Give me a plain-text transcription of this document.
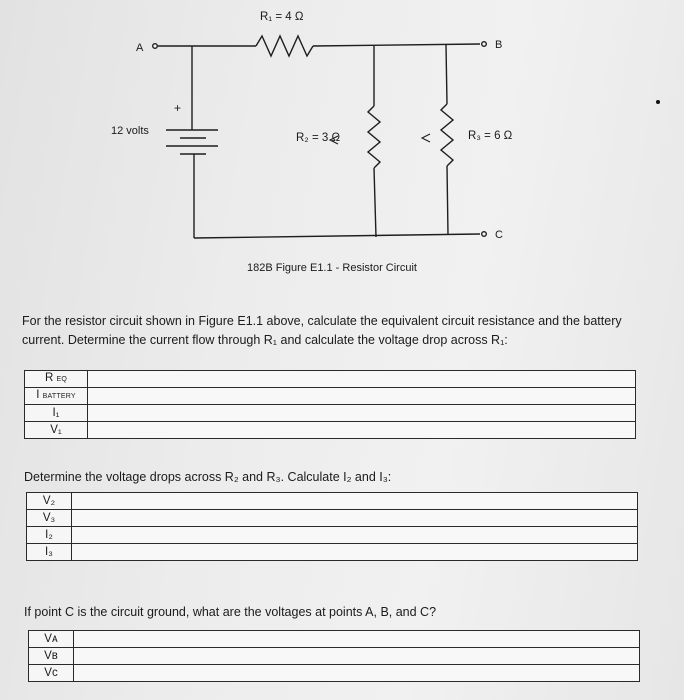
A	B
C
R₁ = 4 Ω
R₂ = 3 Ω	R₃ = 6 Ω
12 volts
+
182B Figure E1.1 - Resistor Circuit

For the resistor circuit shown in Figure E1.1 above, calculate the equivalent circuit resistance and the battery current. Determine the current flow through R₁ and calculate the voltage drop across R₁:

R EQ	
I BATTERY	
I₁	
V₁	

Determine the voltage drops across R₂ and R₃. Calculate I₂ and I₃:

V₂	
V₃	
I₂	
I₃	

If point C is the circuit ground, what are the voltages at points A, B, and C?

Vᴀ	
Vʙ	
Vᴄ	
